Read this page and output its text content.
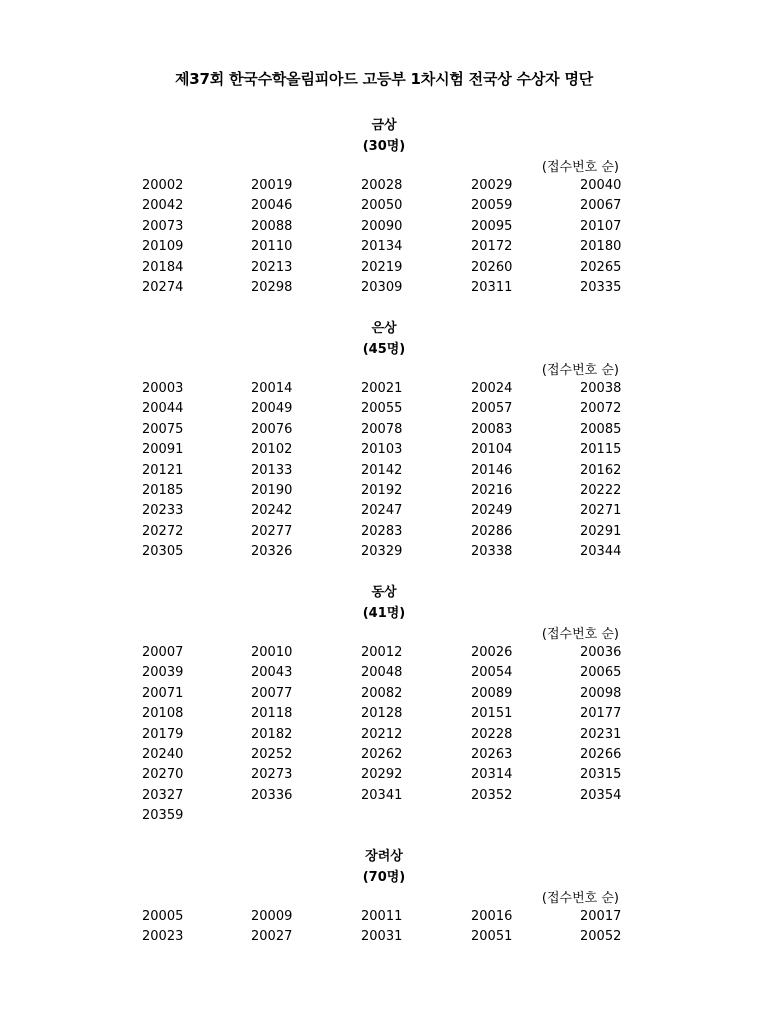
제37회 한국수학올림피아드 고등부 1차시험 전국상 수상자 명단
금상
(30명)
(접수번호 순)
20002	20019	20028	20029	20040
20042	20046	20050	20059	20067
20073	20088	20090	20095	20107
20109	20110	20134	20172	20180
20184	20213	20219	20260	20265
20274	20298	20309	20311	20335
은상
(45명)
(접수번호 순)
20003	20014	20021	20024	20038
20044	20049	20055	20057	20072
20075	20076	20078	20083	20085
20091	20102	20103	20104	20115
20121	20133	20142	20146	20162
20185	20190	20192	20216	20222
20233	20242	20247	20249	20271
20272	20277	20283	20286	20291
20305	20326	20329	20338	20344
동상
(41명)
(접수번호 순)
20007	20010	20012	20026	20036
20039	20043	20048	20054	20065
20071	20077	20082	20089	20098
20108	20118	20128	20151	20177
20179	20182	20212	20228	20231
20240	20252	20262	20263	20266
20270	20273	20292	20314	20315
20327	20336	20341	20352	20354
20359
장려상
(70명)
(접수번호 순)
20005	20009	20011	20016	20017
20023	20027	20031	20051	20052
